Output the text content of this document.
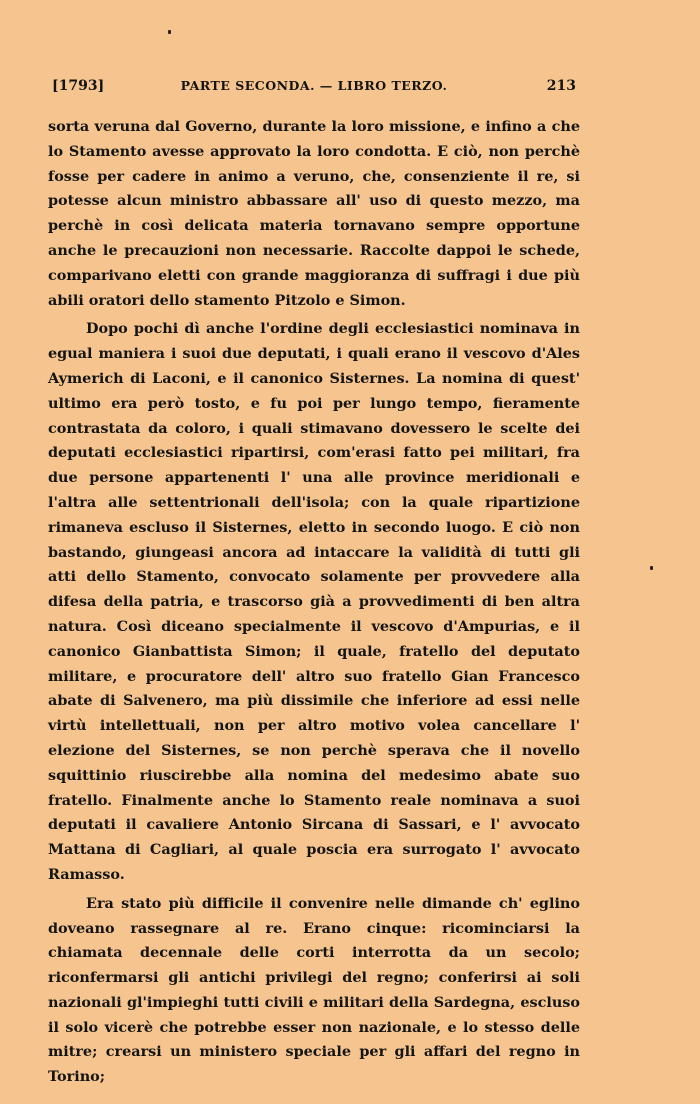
[1793]	PARTE SECONDA. — LIBRO TERZO.	213

sorta veruna dal Governo, durante la loro missione, e infino a che lo Stamento avesse approvato la loro condotta. E ciò, non perchè fosse per cadere in animo a veruno, che, consenziente il re, si potesse alcun ministro abbassare all' uso di questo mezzo, ma perchè in così delicata materia tornavano sempre opportune anche le precauzioni non necessarie. Raccolte dappoi le schede, comparivano eletti con grande maggioranza di suffragi i due più abili oratori dello stamento Pitzolo e Simon.

Dopo pochi dì anche l'ordine degli ecclesiastici nominava in egual maniera i suoi due deputati, i quali erano il vescovo d'Ales Aymerich di Laconi, e il canonico Sisternes. La nomina di quest' ultimo era però tosto, e fu poi per lungo tempo, fieramente contrastata da coloro, i quali stimavano dovessero le scelte dei deputati ecclesiastici ripartirsi, com'erasi fatto pei militari, fra due persone appartenenti l' una alle province meridionali e l'altra alle settentrionali dell'isola; con la quale ripartizione rimaneva escluso il Sisternes, eletto in secondo luogo. E ciò non bastando, giungeasi ancora ad intaccare la validità di tutti gli atti dello Stamento, convocato solamente per provvedere alla difesa della patria, e trascorso già a provvedimenti di ben altra natura. Così diceano specialmente il vescovo d'Ampurias, e il canonico Gianbattista Simon; il quale, fratello del deputato militare, e procuratore dell' altro suo fratello Gian Francesco abate di Salvenero, ma più dissimile che inferiore ad essi nelle virtù intellettuali, non per altro motivo volea cancellare l' elezione del Sisternes, se non perchè sperava che il novello squittinio riuscirebbe alla nomina del medesimo abate suo fratello. Finalmente anche lo Stamento reale nominava a suoi deputati il cavaliere Antonio Sircana di Sassari, e l' avvocato Mattana di Cagliari, al quale poscia era surrogato l' avvocato Ramasso.

Era stato più difficile il convenire nelle dimande ch' eglino doveano rassegnare al re. Erano cinque: ricominciarsi la chiamata decennale delle corti interrotta da un secolo; riconfermarsi gli antichi privilegi del regno; conferirsi ai soli nazionali gl'impieghi tutti civili e militari della Sardegna, escluso il solo vicerè che potrebbe esser non nazionale, e lo stesso delle mitre; crearsi un ministero speciale per gli affari del regno in Torino;
